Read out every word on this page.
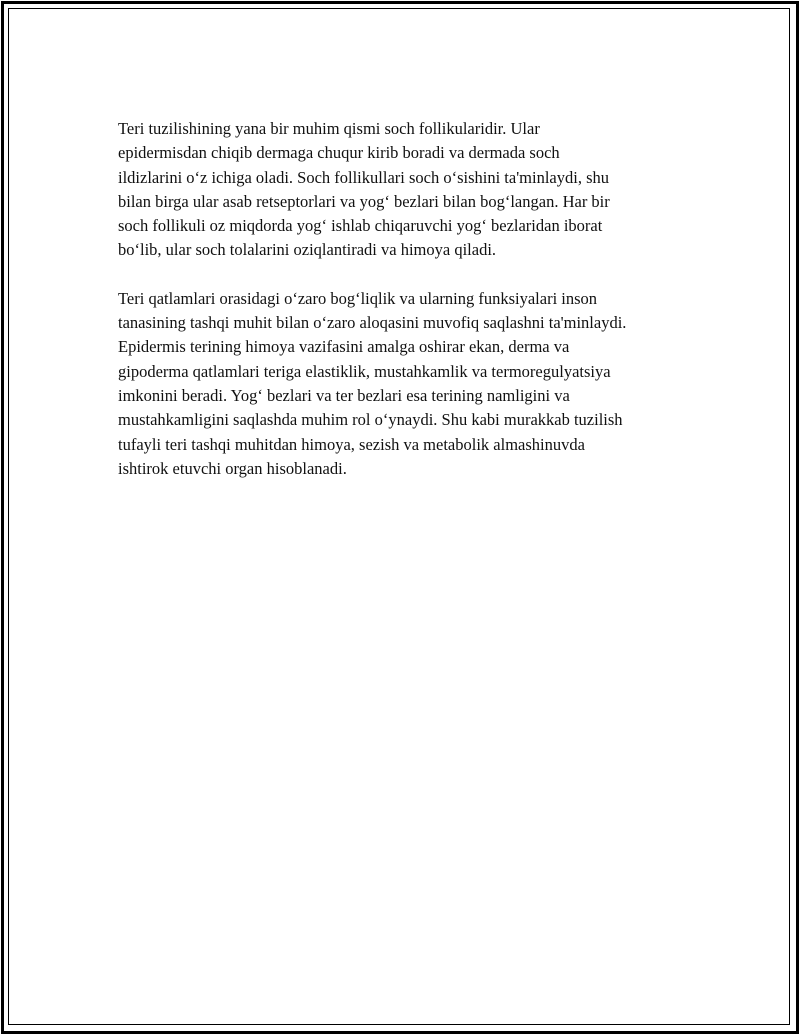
Teri tuzilishining yana bir muhim qismi soch follikularidir. Ular
epidermisdan chiqib dermaga chuqur kirib boradi va dermada soch
ildizlarini o‘z ichiga oladi. Soch follikullari soch o‘sishini ta'minlaydi, shu
bilan birga ular asab retseptorlari va yog‘ bezlari bilan bog‘langan. Har bir
soch follikuli oz miqdorda yog‘ ishlab chiqaruvchi yog‘ bezlaridan iborat
bo‘lib, ular soch tolalarini oziqlantiradi va himoya qiladi.

Teri qatlamlari orasidagi o‘zaro bog‘liqlik va ularning funksiyalari inson
tanasining tashqi muhit bilan o‘zaro aloqasini muvofiq saqlashni ta'minlaydi.
Epidermis terining himoya vazifasini amalga oshirar ekan, derma va
gipoderma qatlamlari teriga elastiklik, mustahkamlik va termoregulyatsiya
imkonini beradi. Yog‘ bezlari va ter bezlari esa terining namligini va
mustahkamligini saqlashda muhim rol o‘ynaydi. Shu kabi murakkab tuzilish
tufayli teri tashqi muhitdan himoya, sezish va metabolik almashinuvda
ishtirok etuvchi organ hisoblanadi.
